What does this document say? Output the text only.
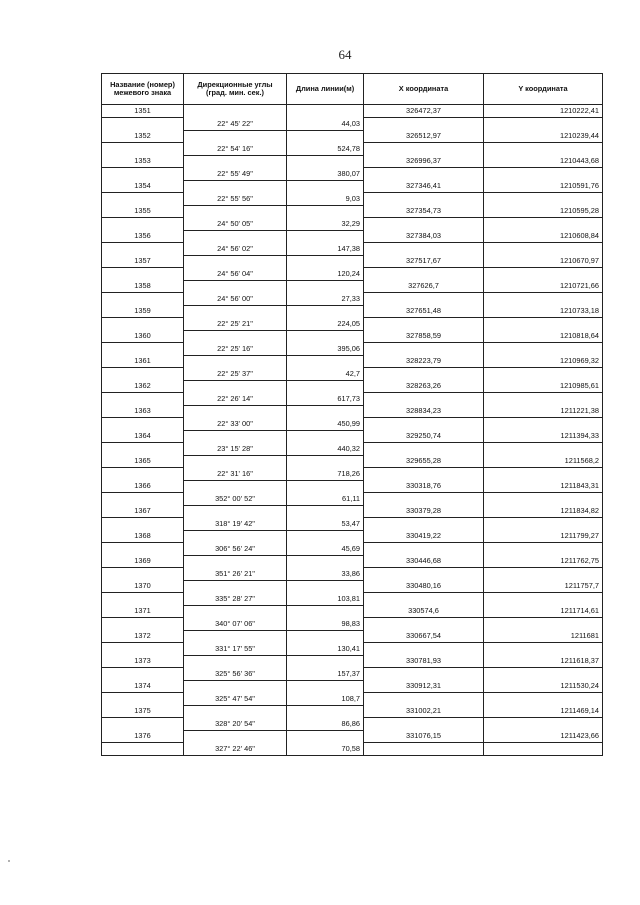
64
Название (номер) межевого знака	Дирекционные углы (град. мин. сек.)	Длина линии(м)	X координата	Y координата
1351			326472,37	1210222,41
	22° 45' 22"	44,03		
1352			326512,97	1210239,44
	22° 54' 16"	524,78		
1353			326996,37	1210443,68
	22° 55' 49"	380,07		
1354			327346,41	1210591,76
	22° 55' 56"	9,03		
1355			327354,73	1210595,28
	24° 50' 05"	32,29		
1356			327384,03	1210608,84
	24° 56' 02"	147,38		
1357			327517,67	1210670,97
	24° 56' 04"	120,24		
1358			327626,7	1210721,66
	24° 56' 00"	27,33		
1359			327651,48	1210733,18
	22° 25' 21"	224,05		
1360			327858,59	1210818,64
	22° 25' 16"	395,06		
1361			328223,79	1210969,32
	22° 25' 37"	42,7		
1362			328263,26	1210985,61
	22° 26' 14"	617,73		
1363			328834,23	1211221,38
	22° 33' 00"	450,99		
1364			329250,74	1211394,33
	23° 15' 28"	440,32		
1365			329655,28	1211568,2
	22° 31' 16"	718,26		
1366			330318,76	1211843,31
	352° 00' 52"	61,11		
1367			330379,28	1211834,82
	318° 19' 42"	53,47		
1368			330419,22	1211799,27
	306° 56' 24"	45,69		
1369			330446,68	1211762,75
	351° 26' 21"	33,86		
1370			330480,16	1211757,7
	335° 28' 27"	103,81		
1371			330574,6	1211714,61
	340° 07' 06"	98,83		
1372			330667,54	1211681
	331° 17' 55"	130,41		
1373			330781,93	1211618,37
	325° 56' 36"	157,37		
1374			330912,31	1211530,24
	325° 47' 54"	108,7		
1375			331002,21	1211469,14
	328° 20' 54"	86,86		
1376			331076,15	1211423,66
	327° 22' 46"	70,58		
